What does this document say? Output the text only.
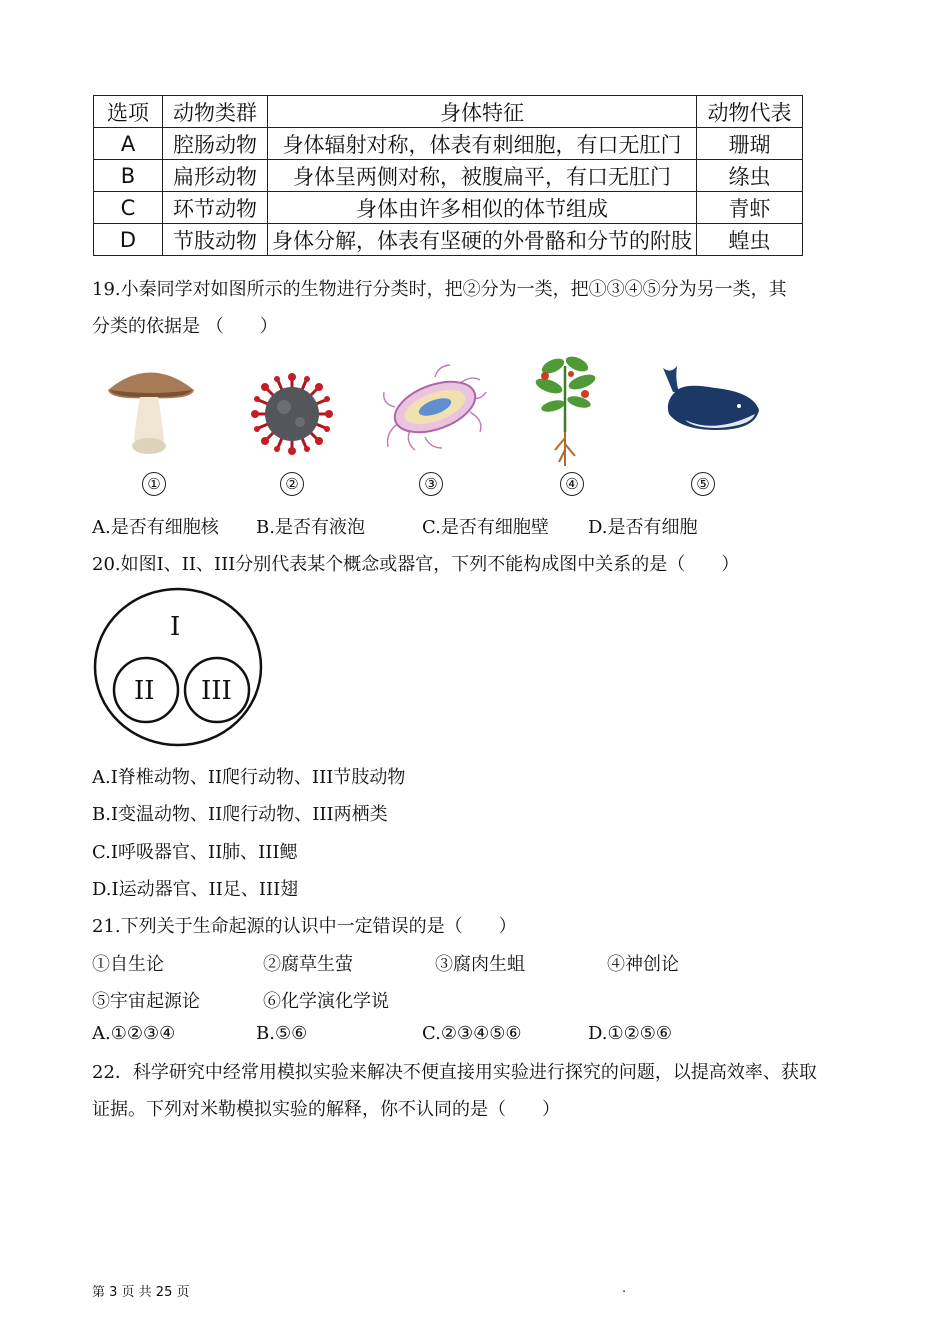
选项	动物类群	身体特征	动物代表
A	腔肠动物	身体辐射对称，体表有刺细胞，有口无肛门	珊瑚
B	扁形动物	身体呈两侧对称，被腹扁平，有口无肛门	绦虫
C	环节动物	身体由许多相似的体节组成	青虾
D	节肢动物	身体分解，体表有坚硬的外骨骼和分节的附肢	蝗虫
19.小秦同学对如图所示的生物进行分类时，把②分为一类，把①③④⑤分为另一类，其
分类的依据是 （　　）
①	②	③	④	⑤
A.是否有细胞核 B.是否有液泡	C.是否有细胞壁 D.是否有细胞
20.如图I、II、III分别代表某个概念或器官，下列不能构成图中关系的是（　　）
I
II III
A.I脊椎动物、II爬行动物、III节肢动物
B.I变温动物、II爬行动物、III两栖类
C.I呼吸器官、II肺、III鳃
D.I运动器官、II足、III翅
21.下列关于生命起源的认识中一定错误的是（　　）
①自生论	②腐草生萤	③腐肉生蛆	④神创论
⑤宇宙起源论	⑥化学演化学说
A.①②③④	B.⑤⑥	C.②③④⑤⑥	D.①②⑤⑥
22．科学研究中经常用模拟实验来解决不便直接用实验进行探究的问题，以提高效率、获取
证据。下列对米勒模拟实验的解释，你不认同的是（　　）
第 3 页 共 25 页	.
